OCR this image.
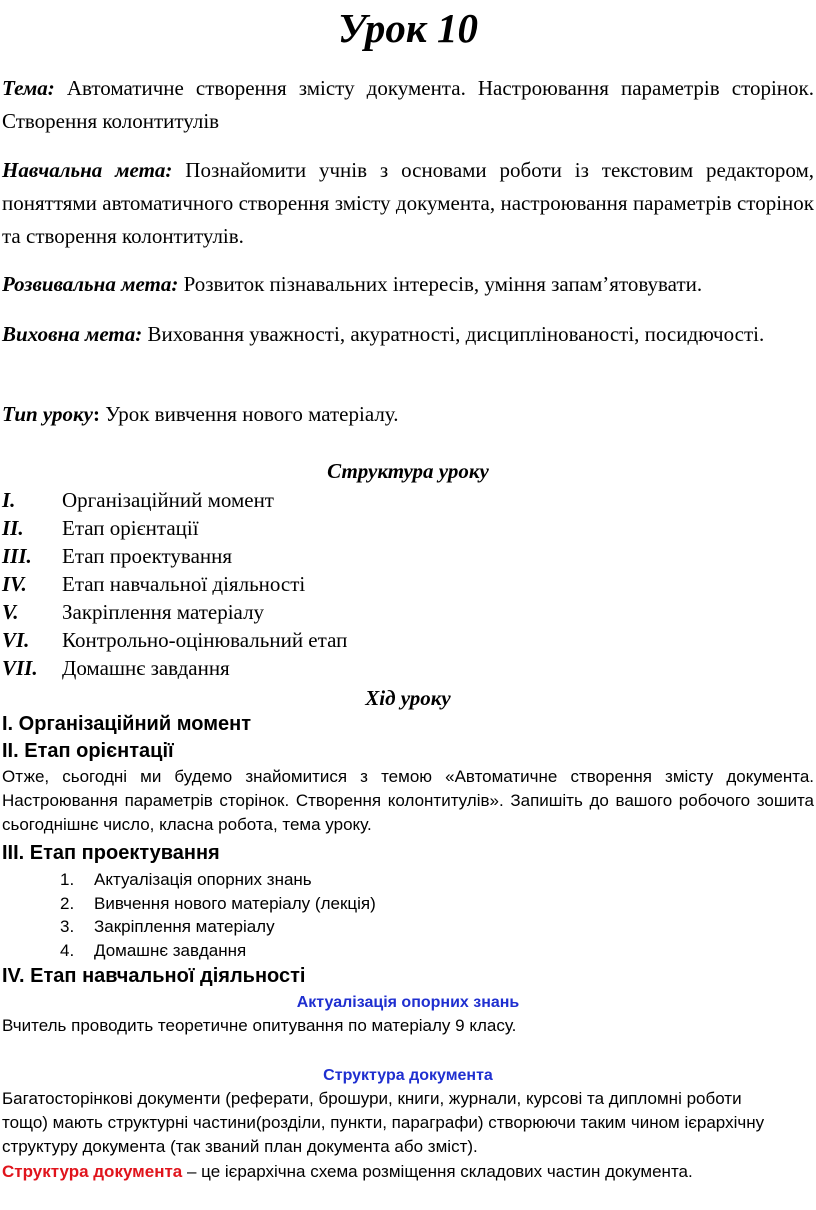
Урок 10
Тема: Автоматичне створення змісту документа. Настроювання параметрів сторінок. Створення колонтитулів
Навчальна мета: Познайомити учнів з основами роботи із текстовим редактором, поняттями автоматичного створення змісту документа, настроювання параметрів сторінок та створення колонтитулів.
Розвивальна мета: Розвиток пізнавальних інтересів, уміння запам’ятовувати.
Виховна мета: Виховання уважності, акуратності, дисциплінованості, посидючості.
Тип уроку: Урок вивчення нового матеріалу.
Структура уроку
I. Організаційний момент
II. Етап орієнтації
III. Етап проектування
IV. Етап навчальної діяльності
V. Закріплення матеріалу
VI. Контрольно-оцінювальний етап
VII. Домашнє завдання
Хід уроку
I. Організаційний момент
II. Етап орієнтації
Отже, сьогодні ми будемо знайомитися з темою «Автоматичне створення змісту документа. Настроювання параметрів сторінок. Створення колонтитулів». Запишіть до вашого робочого зошита сьогоднішнє число, класна робота, тема уроку.
III. Етап проектування
1. Актуалізація опорних знань
2. Вивчення нового матеріалу (лекція)
3. Закріплення матеріалу
4. Домашнє завдання
IV. Етап навчальної діяльності
Актуалізація опорних знань
Вчитель проводить теоретичне опитування по матеріалу 9 класу.
Структура документа
Багатосторінкові документи (реферати, брошури, книги, журнали, курсові та дипломні роботи тощо) мають структурні частини(розділи, пункти, параграфи) створюючи таким чином ієрархічну структуру документа (так званий план документа або зміст).
Структура документа – це ієрархічна схема розміщення складових частин документа.
